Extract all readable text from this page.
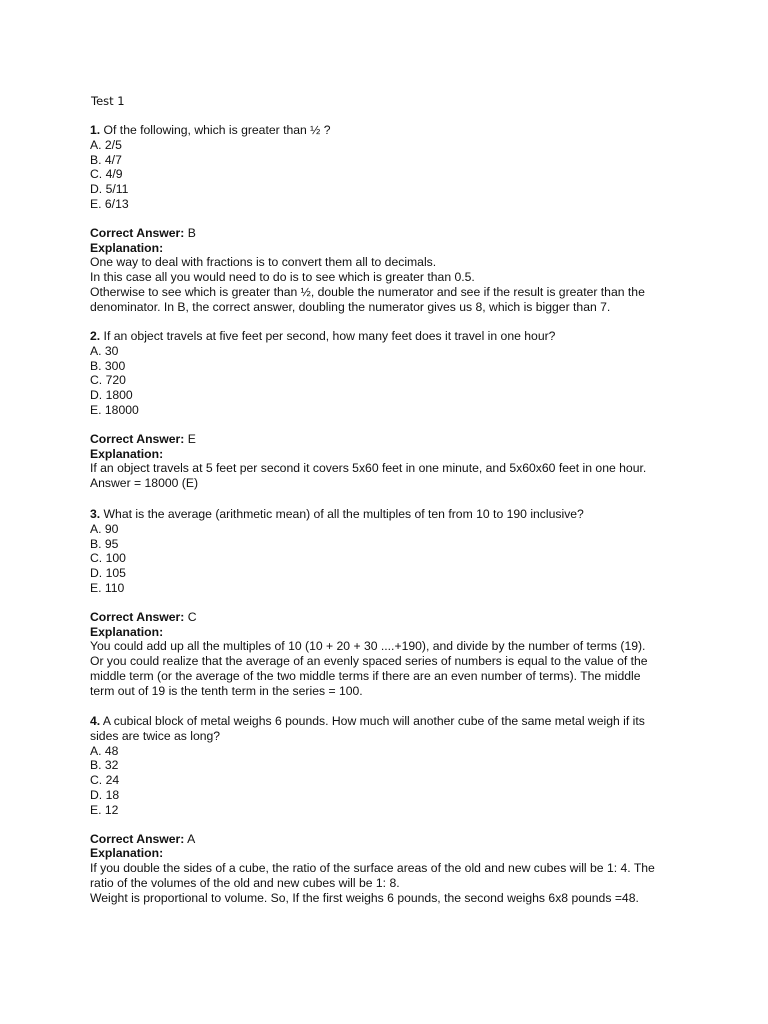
Test 1
1. Of the following, which is greater than ½ ?
A. 2/5
B. 4/7
C. 4/9
D. 5/11
E. 6/13
Correct Answer: B
Explanation:
One way to deal with fractions is to convert them all to decimals.
In this case all you would need to do is to see which is greater than 0.5.
Otherwise to see which is greater than ½, double the numerator and see if the result is greater than the
denominator. In B, the correct answer, doubling the numerator gives us 8, which is bigger than 7.
2. If an object travels at five feet per second, how many feet does it travel in one hour?
A. 30
B. 300
C. 720
D. 1800
E. 18000
Correct Answer: E
Explanation:
If an object travels at 5 feet per second it covers 5x60 feet in one minute, and 5x60x60 feet in one hour.
Answer = 18000 (E)
3. What is the average (arithmetic mean) of all the multiples of ten from 10 to 190 inclusive?
A. 90
B. 95
C. 100
D. 105
E. 110
Correct Answer: C
Explanation:
You could add up all the multiples of 10 (10 + 20 + 30 ....+190), and divide by the number of terms (19).
Or you could realize that the average of an evenly spaced series of numbers is equal to the value of the
middle term (or the average of the two middle terms if there are an even number of terms). The middle
term out of 19 is the tenth term in the series = 100.
4. A cubical block of metal weighs 6 pounds. How much will another cube of the same metal weigh if its
sides are twice as long?
A. 48
B. 32
C. 24
D. 18
E. 12
Correct Answer: A
Explanation:
If you double the sides of a cube, the ratio of the surface areas of the old and new cubes will be 1: 4. The
ratio of the volumes of the old and new cubes will be 1: 8.
Weight is proportional to volume. So, If the first weighs 6 pounds, the second weighs 6x8 pounds =48.
